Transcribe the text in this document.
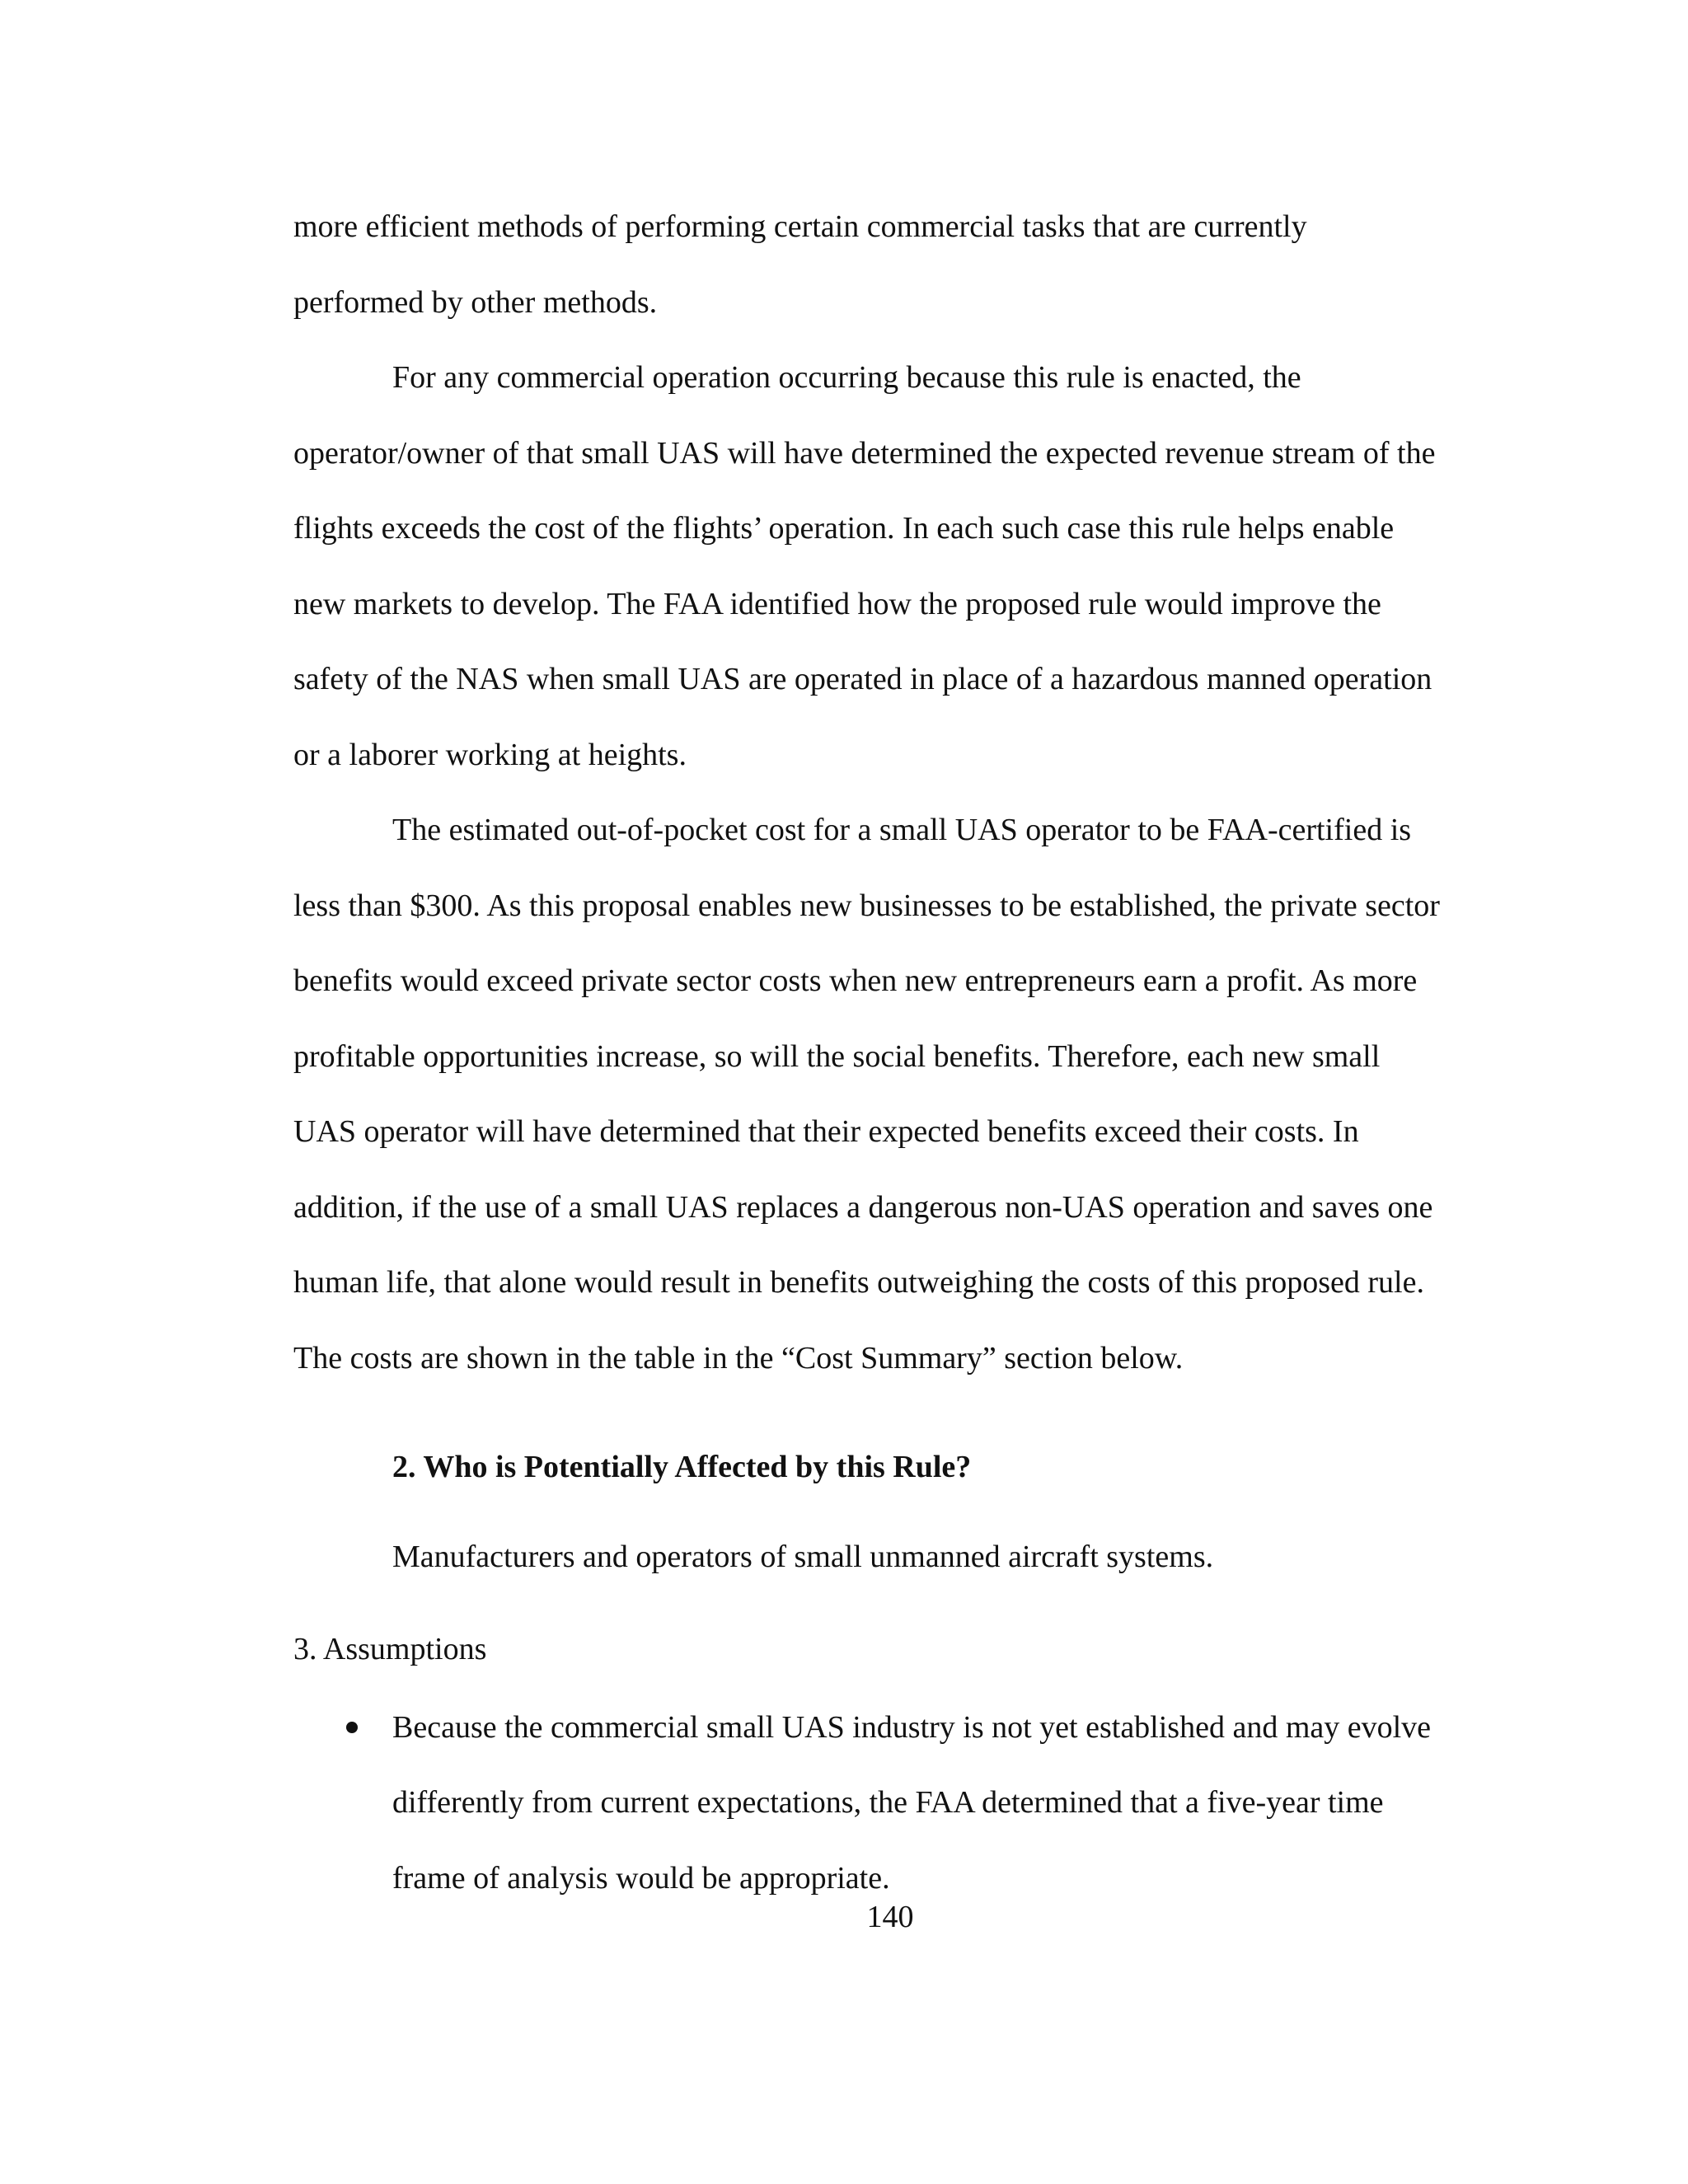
more efficient methods of performing certain commercial tasks that are currently
performed by other methods.

For any commercial operation occurring because this rule is enacted, the
operator/owner of that small UAS will have determined the expected revenue stream of the
flights exceeds the cost of the flights’ operation. In each such case this rule helps enable
new markets to develop. The FAA identified how the proposed rule would improve the
safety of the NAS when small UAS are operated in place of a hazardous manned operation
or a laborer working at heights.

The estimated out-of-pocket cost for a small UAS operator to be FAA-certified is
less than $300. As this proposal enables new businesses to be established, the private sector
benefits would exceed private sector costs when new entrepreneurs earn a profit. As more
profitable opportunities increase, so will the social benefits. Therefore, each new small
UAS operator will have determined that their expected benefits exceed their costs. In
addition, if the use of a small UAS replaces a dangerous non-UAS operation and saves one
human life, that alone would result in benefits outweighing the costs of this proposed rule.
The costs are shown in the table in the “Cost Summary” section below.

2. Who is Potentially Affected by this Rule?
Manufacturers and operators of small unmanned aircraft systems.
3. Assumptions
Because the commercial small UAS industry is not yet established and may evolve
differently from current expectations, the FAA determined that a five-year time
frame of analysis would be appropriate.
140
